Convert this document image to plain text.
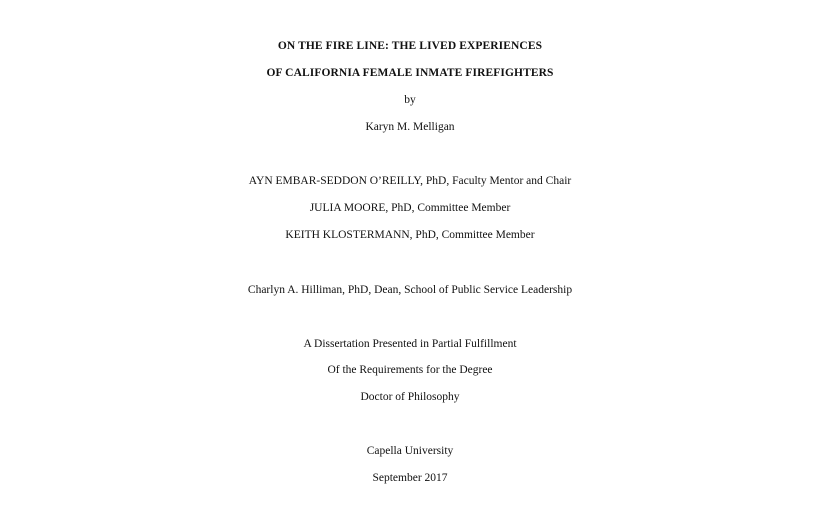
ON THE FIRE LINE: THE LIVED EXPERIENCES
OF CALIFORNIA FEMALE INMATE FIREFIGHTERS
by
Karyn M. Melligan
AYN EMBAR-SEDDON O’REILLY, PhD, Faculty Mentor and Chair
JULIA MOORE, PhD, Committee Member
KEITH KLOSTERMANN, PhD, Committee Member
Charlyn A. Hilliman, PhD, Dean, School of Public Service Leadership
A Dissertation Presented in Partial Fulfillment
Of the Requirements for the Degree
Doctor of Philosophy
Capella University
September 2017
